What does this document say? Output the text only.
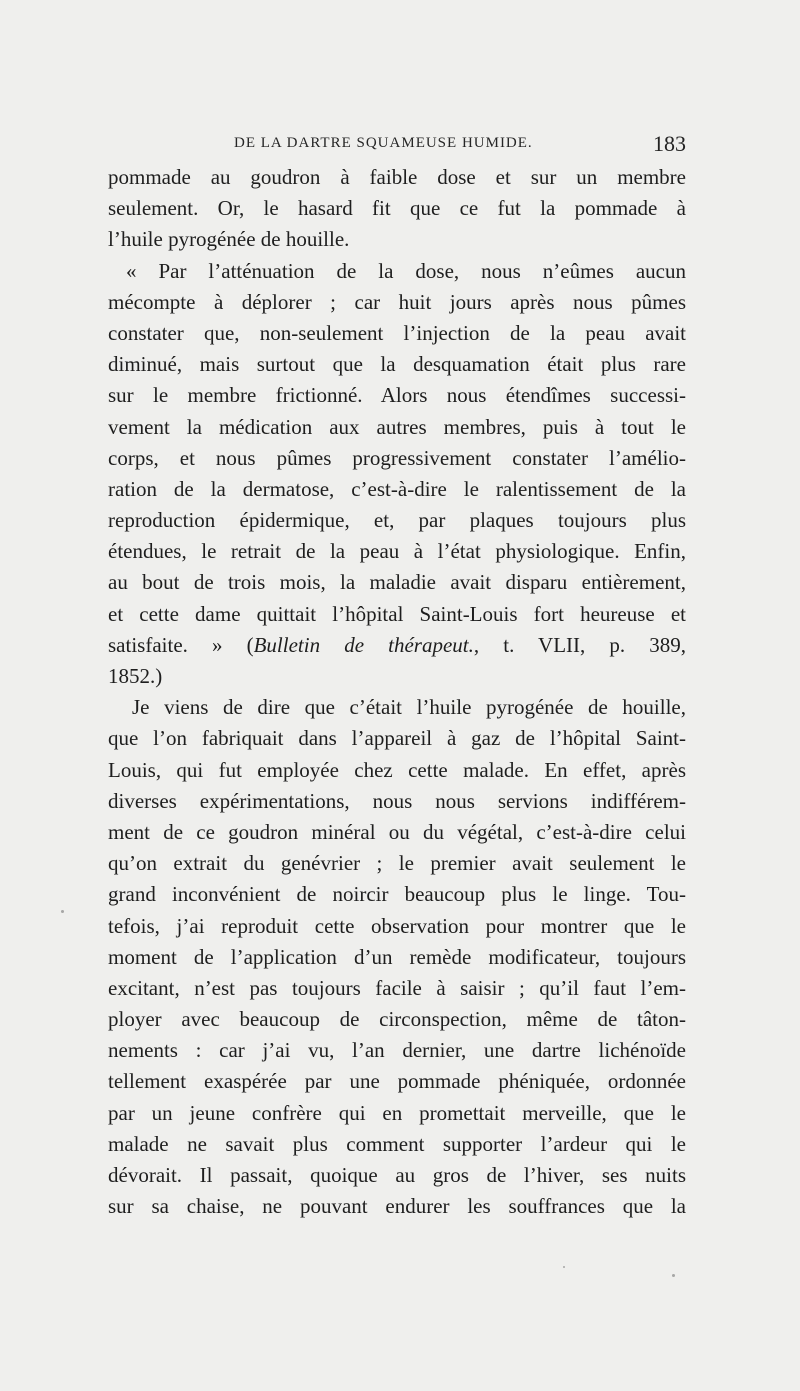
DE LA DARTRE SQUAMEUSE HUMIDE.	183
pommade au goudron à faible dose et sur un membre
seulement. Or, le hasard fit que ce fut la pommade à
l’huile pyrogénée de houille.
« Par l’atténuation de la dose, nous n’eûmes aucun
mécompte à déplorer ; car huit jours après nous pûmes
constater que, non-seulement l’injection de la peau avait
diminué, mais surtout que la desquamation était plus rare
sur le membre frictionné. Alors nous étendîmes successi-
vement la médication aux autres membres, puis à tout le
corps, et nous pûmes progressivement constater l’amélio-
ration de la dermatose, c’est-à-dire le ralentissement de la
reproduction épidermique, et, par plaques toujours plus
étendues, le retrait de la peau à l’état physiologique. Enfin,
au bout de trois mois, la maladie avait disparu entièrement,
et cette dame quittait l’hôpital Saint-Louis fort heureuse et
satisfaite. » (Bulletin de thérapeut., t. VLII, p. 389,
1852.)
Je viens de dire que c’était l’huile pyrogénée de houille,
que l’on fabriquait dans l’appareil à gaz de l’hôpital Saint-
Louis, qui fut employée chez cette malade. En effet, après
diverses expérimentations, nous nous servions indifférem-
ment de ce goudron minéral ou du végétal, c’est-à-dire celui
qu’on extrait du genévrier ; le premier avait seulement le
grand inconvénient de noircir beaucoup plus le linge. Tou-
tefois, j’ai reproduit cette observation pour montrer que le
moment de l’application d’un remède modificateur, toujours
excitant, n’est pas toujours facile à saisir ; qu’il faut l’em-
ployer avec beaucoup de circonspection, même de tâton-
nements : car j’ai vu, l’an dernier, une dartre lichénoïde
tellement exaspérée par une pommade phéniquée, ordonnée
par un jeune confrère qui en promettait merveille, que le
malade ne savait plus comment supporter l’ardeur qui le
dévorait. Il passait, quoique au gros de l’hiver, ses nuits
sur sa chaise, ne pouvant endurer les souffrances que la
